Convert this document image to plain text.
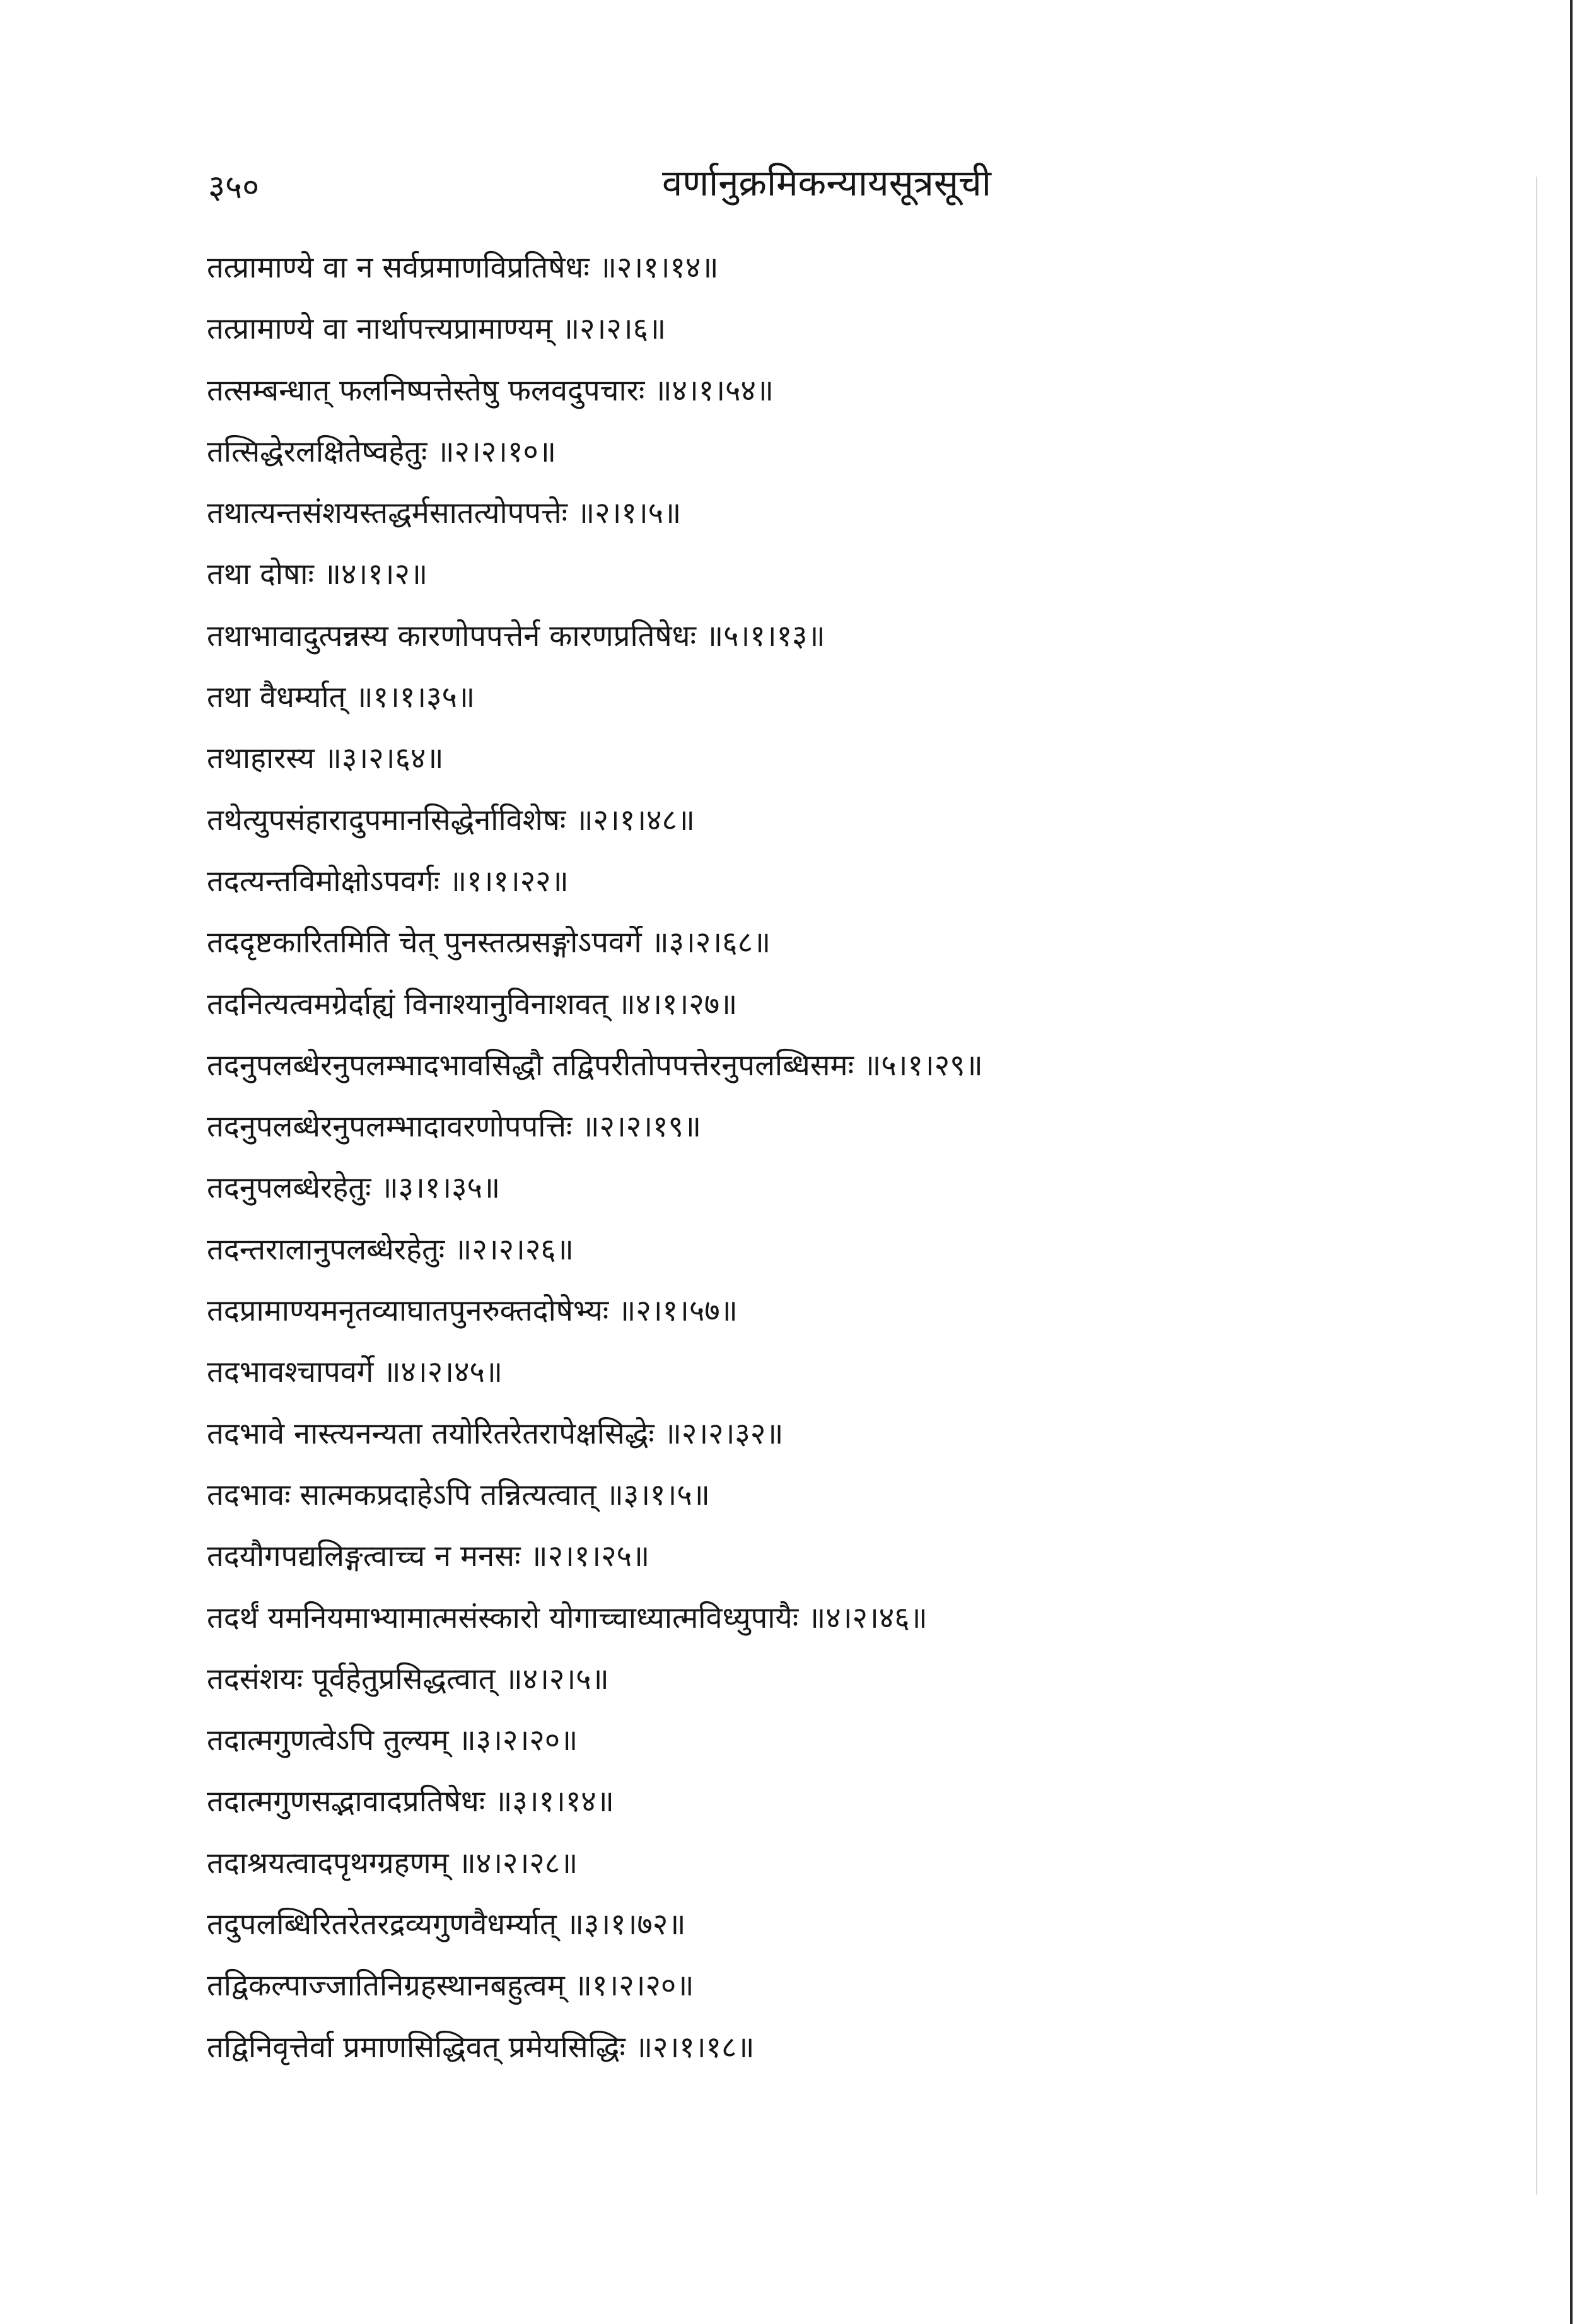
३५०	वर्णानुक्रमिकन्यायसूत्रसूची
तत्प्रामाण्ये वा न सर्वप्रमाणविप्रतिषेधः ॥२।१।१४॥
तत्प्रामाण्ये वा नार्थापत्त्यप्रामाण्यम् ॥२।२।६॥
तत्सम्बन्धात् फलनिष्पत्तेस्तेषु फलवदुपचारः ॥४।१।५४॥
तत्सिद्धेरलक्षितेष्वहेतुः ॥२।२।१०॥
तथात्यन्तसंशयस्तद्धर्मसातत्योपपत्तेः ॥२।१।५॥
तथा दोषाः ॥४।१।२॥
तथाभावादुत्पन्नस्य कारणोपपत्तेर्न कारणप्रतिषेधः ॥५।१।१३॥
तथा वैधर्म्यात् ॥१।१।३५॥
तथाहारस्य ॥३।२।६४॥
तथेत्युपसंहारादुपमानसिद्धेर्नाविशेषः ॥२।१।४८॥
तदत्यन्तविमोक्षोऽपवर्गः ॥१।१।२२॥
तददृष्टकारितमिति चेत् पुनस्तत्प्रसङ्गोऽपवर्गे ॥३।२।६८॥
तदनित्यत्वमग्रेर्दाह्यं विनाश्यानुविनाशवत् ॥४।१।२७॥
तदनुपलब्धेरनुपलम्भादभावसिद्धौ तद्विपरीतोपपत्तेरनुपलब्धिसमः ॥५।१।२९॥
तदनुपलब्धेरनुपलम्भादावरणोपपत्तिः ॥२।२।१९॥
तदनुपलब्धेरहेतुः ॥३।१।३५॥
तदन्तरालानुपलब्धेरहेतुः ॥२।२।२६॥
तदप्रामाण्यमनृतव्याघातपुनरुक्तदोषेभ्यः ॥२।१।५७॥
तदभावश्चापवर्गे ॥४।२।४५॥
तदभावे नास्त्यनन्यता तयोरितरेतरापेक्षसिद्धेः ॥२।२।३२॥
तदभावः सात्मकप्रदाहेऽपि तन्नित्यत्वात् ॥३।१।५॥
तदयौगपद्यलिङ्गत्वाच्च न मनसः ॥२।१।२५॥
तदर्थं यमनियमाभ्यामात्मसंस्कारो योगाच्चाध्यात्मविध्युपायैः ॥४।२।४६॥
तदसंशयः पूर्वहेतुप्रसिद्धत्वात् ॥४।२।५॥
तदात्मगुणत्वेऽपि तुल्यम् ॥३।२।२०॥
तदात्मगुणसद्भावादप्रतिषेधः ॥३।१।१४॥
तदाश्रयत्वादपृथग्ग्रहणम् ॥४।२।२८॥
तदुपलब्धिरितरेतरद्रव्यगुणवैधर्म्यात् ॥३।१।७२॥
तद्विकल्पाज्जातिनिग्रहस्थानबहुत्वम् ॥१।२।२०॥
तद्विनिवृत्तेर्वा प्रमाणसिद्धिवत् प्रमेयसिद्धिः ॥२।१।१८॥
